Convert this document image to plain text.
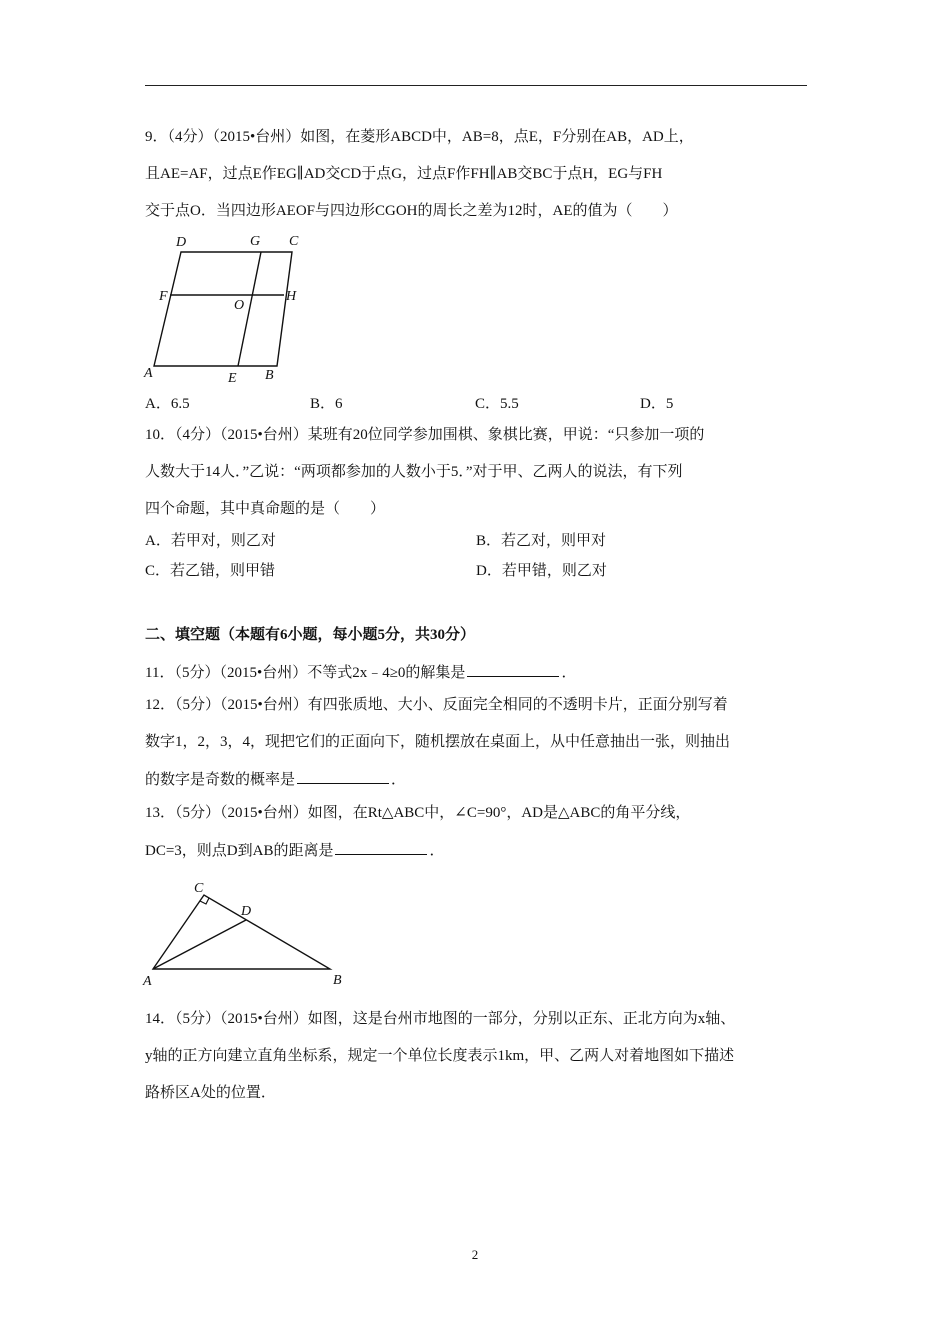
9．（4分）（2015•台州）如图，在菱形ABCD中，AB=8，点E，F分别在AB，AD上，
且AE=AF，过点E作EG∥AD交CD于点G，过点F作FH∥AB交BC于点H，EG与FH
交于点O．当四边形AEOF与四边形CGOH的周长之差为12时，AE的值为（　　）
D	G C
F
O
H
A	E B
A．6.5	B．6	C．5.5	D．5
10．（4分）（2015•台州）某班有20位同学参加围棋、象棋比赛，甲说：“只参加一项的
人数大于14人．”乙说：“两项都参加的人数小于5．”对于甲、乙两人的说法，有下列
四个命题，其中真命题的是（　　）
A．若甲对，则乙对	B．若乙对，则甲对
C．若乙错，则甲错	D．若甲错，则乙对
二、填空题（本题有6小题，每小题5分，共30分）
11．（5分）（2015•台州）不等式2x﹣4≥0的解集是	．
12．（5分）（2015•台州）有四张质地、大小、反面完全相同的不透明卡片，正面分别写着
数字1，2，3，4，现把它们的正面向下，随机摆放在桌面上，从中任意抽出一张，则抽出
的数字是奇数的概率是	．
13．（5分）（2015•台州）如图，在Rt△ABC中，∠C=90°，AD是△ABC的角平分线，
DC=3，则点D到AB的距离是	．
C
D
A	B
14．（5分）（2015•台州）如图，这是台州市地图的一部分，分别以正东、正北方向为x轴、
y轴的正方向建立直角坐标系，规定一个单位长度表示1km，甲、乙两人对着地图如下描述
路桥区A处的位置．
2
